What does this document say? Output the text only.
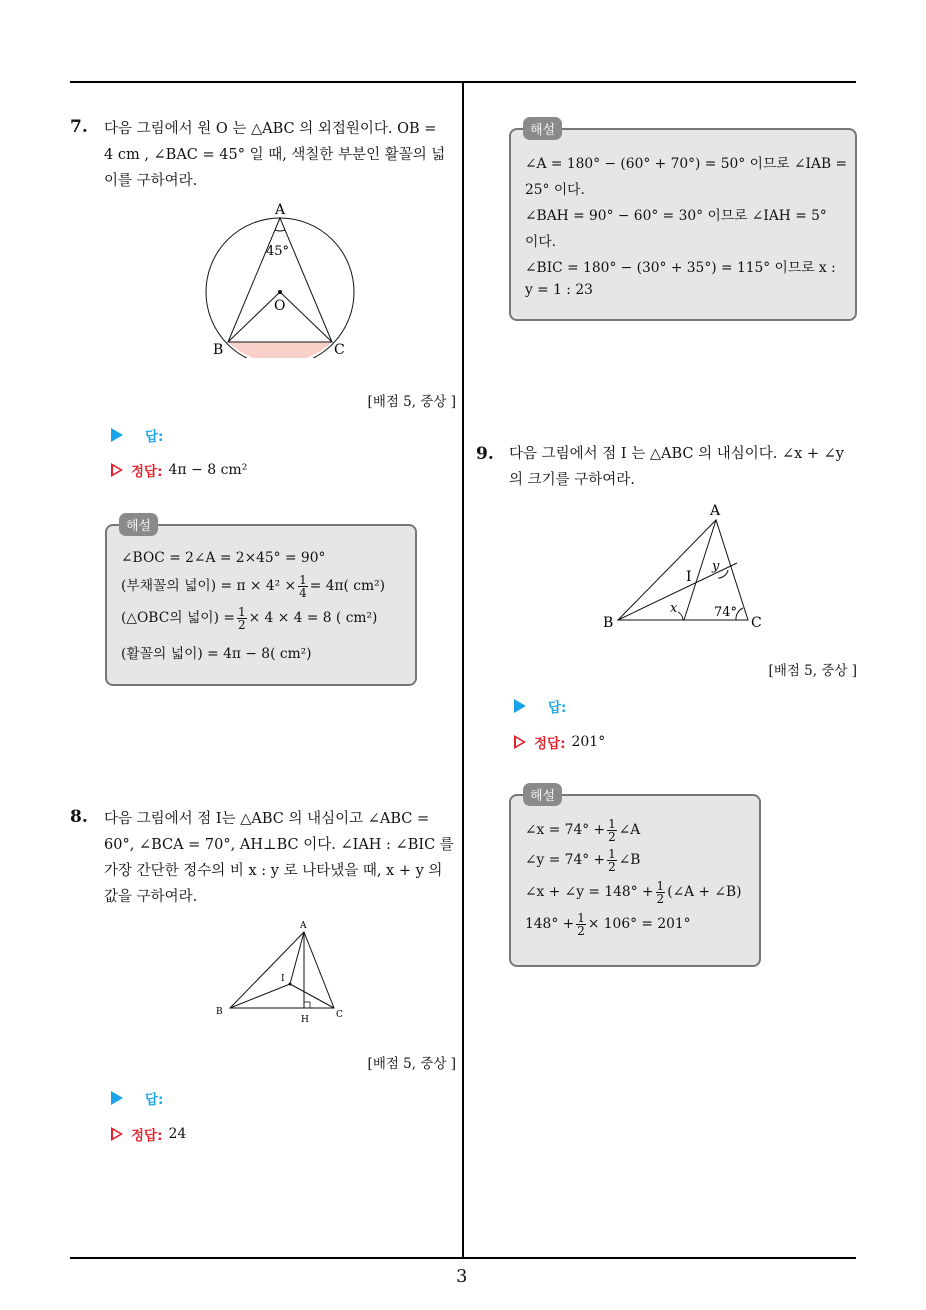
3
7. 다음 그림에서 원 O 는 △ABC 의 외접원이다. OB =
4 cm , ∠BAC = 45° 일 때, 색칠한 부분인 활꼴의 넓
이를 구하여라.
A
45°
O
B	C
[배점 5, 중상 ]
답:
정답: 4π − 8 cm²
해설
∠BOC = 2∠A = 2×45° = 90°
(부채꼴의 넓이) = $\pi \times 4^2 \times \frac{1}{4} = 4\pi$( cm²)
(△OBC의 넓이) = $\frac{1}{2} \times 4 \times 4 = 8$ ( cm²)
(활꼴의 넓이) = 4π − 8( cm²)
8. 다음 그림에서 점 I는 △ABC 의 내심이고 ∠ABC =
60°, ∠BCA = 70°, AH⊥BC 이다. ∠IAH : ∠BIC 를
가장 간단한 정수의 비 x : y 로 나타냈을 때, x + y 의
값을 구하여라.
A
I
B
H	C
[배점 5, 중상 ]
답:
정답: 24
해설
∠A = 180° − (60° + 70°) = 50° 이므로 ∠IAB =
25° 이다.
∠BAH = 90° − 60° = 30° 이므로 ∠IAH = 5°
이다.
∠BIC = 180° − (30° + 35°) = 115° 이므로 x :
y = 1 : 23
9. 다음 그림에서 점 I 는 △ABC 의 내심이다. ∠x + ∠y
의 크기를 구하여라.
A
I
y
x	74°
B	C
[배점 5, 중상 ]
답:
정답: 201°
해설
∠x = $74^\circ + \frac{1}{2}$ ∠A
∠y = $74^\circ + \frac{1}{2}$ ∠B
∠x + ∠y = $148^\circ + \frac{1}{2}$ (∠A + ∠B)
$148^\circ + \frac{1}{2} \times 106^\circ = 201^\circ$
